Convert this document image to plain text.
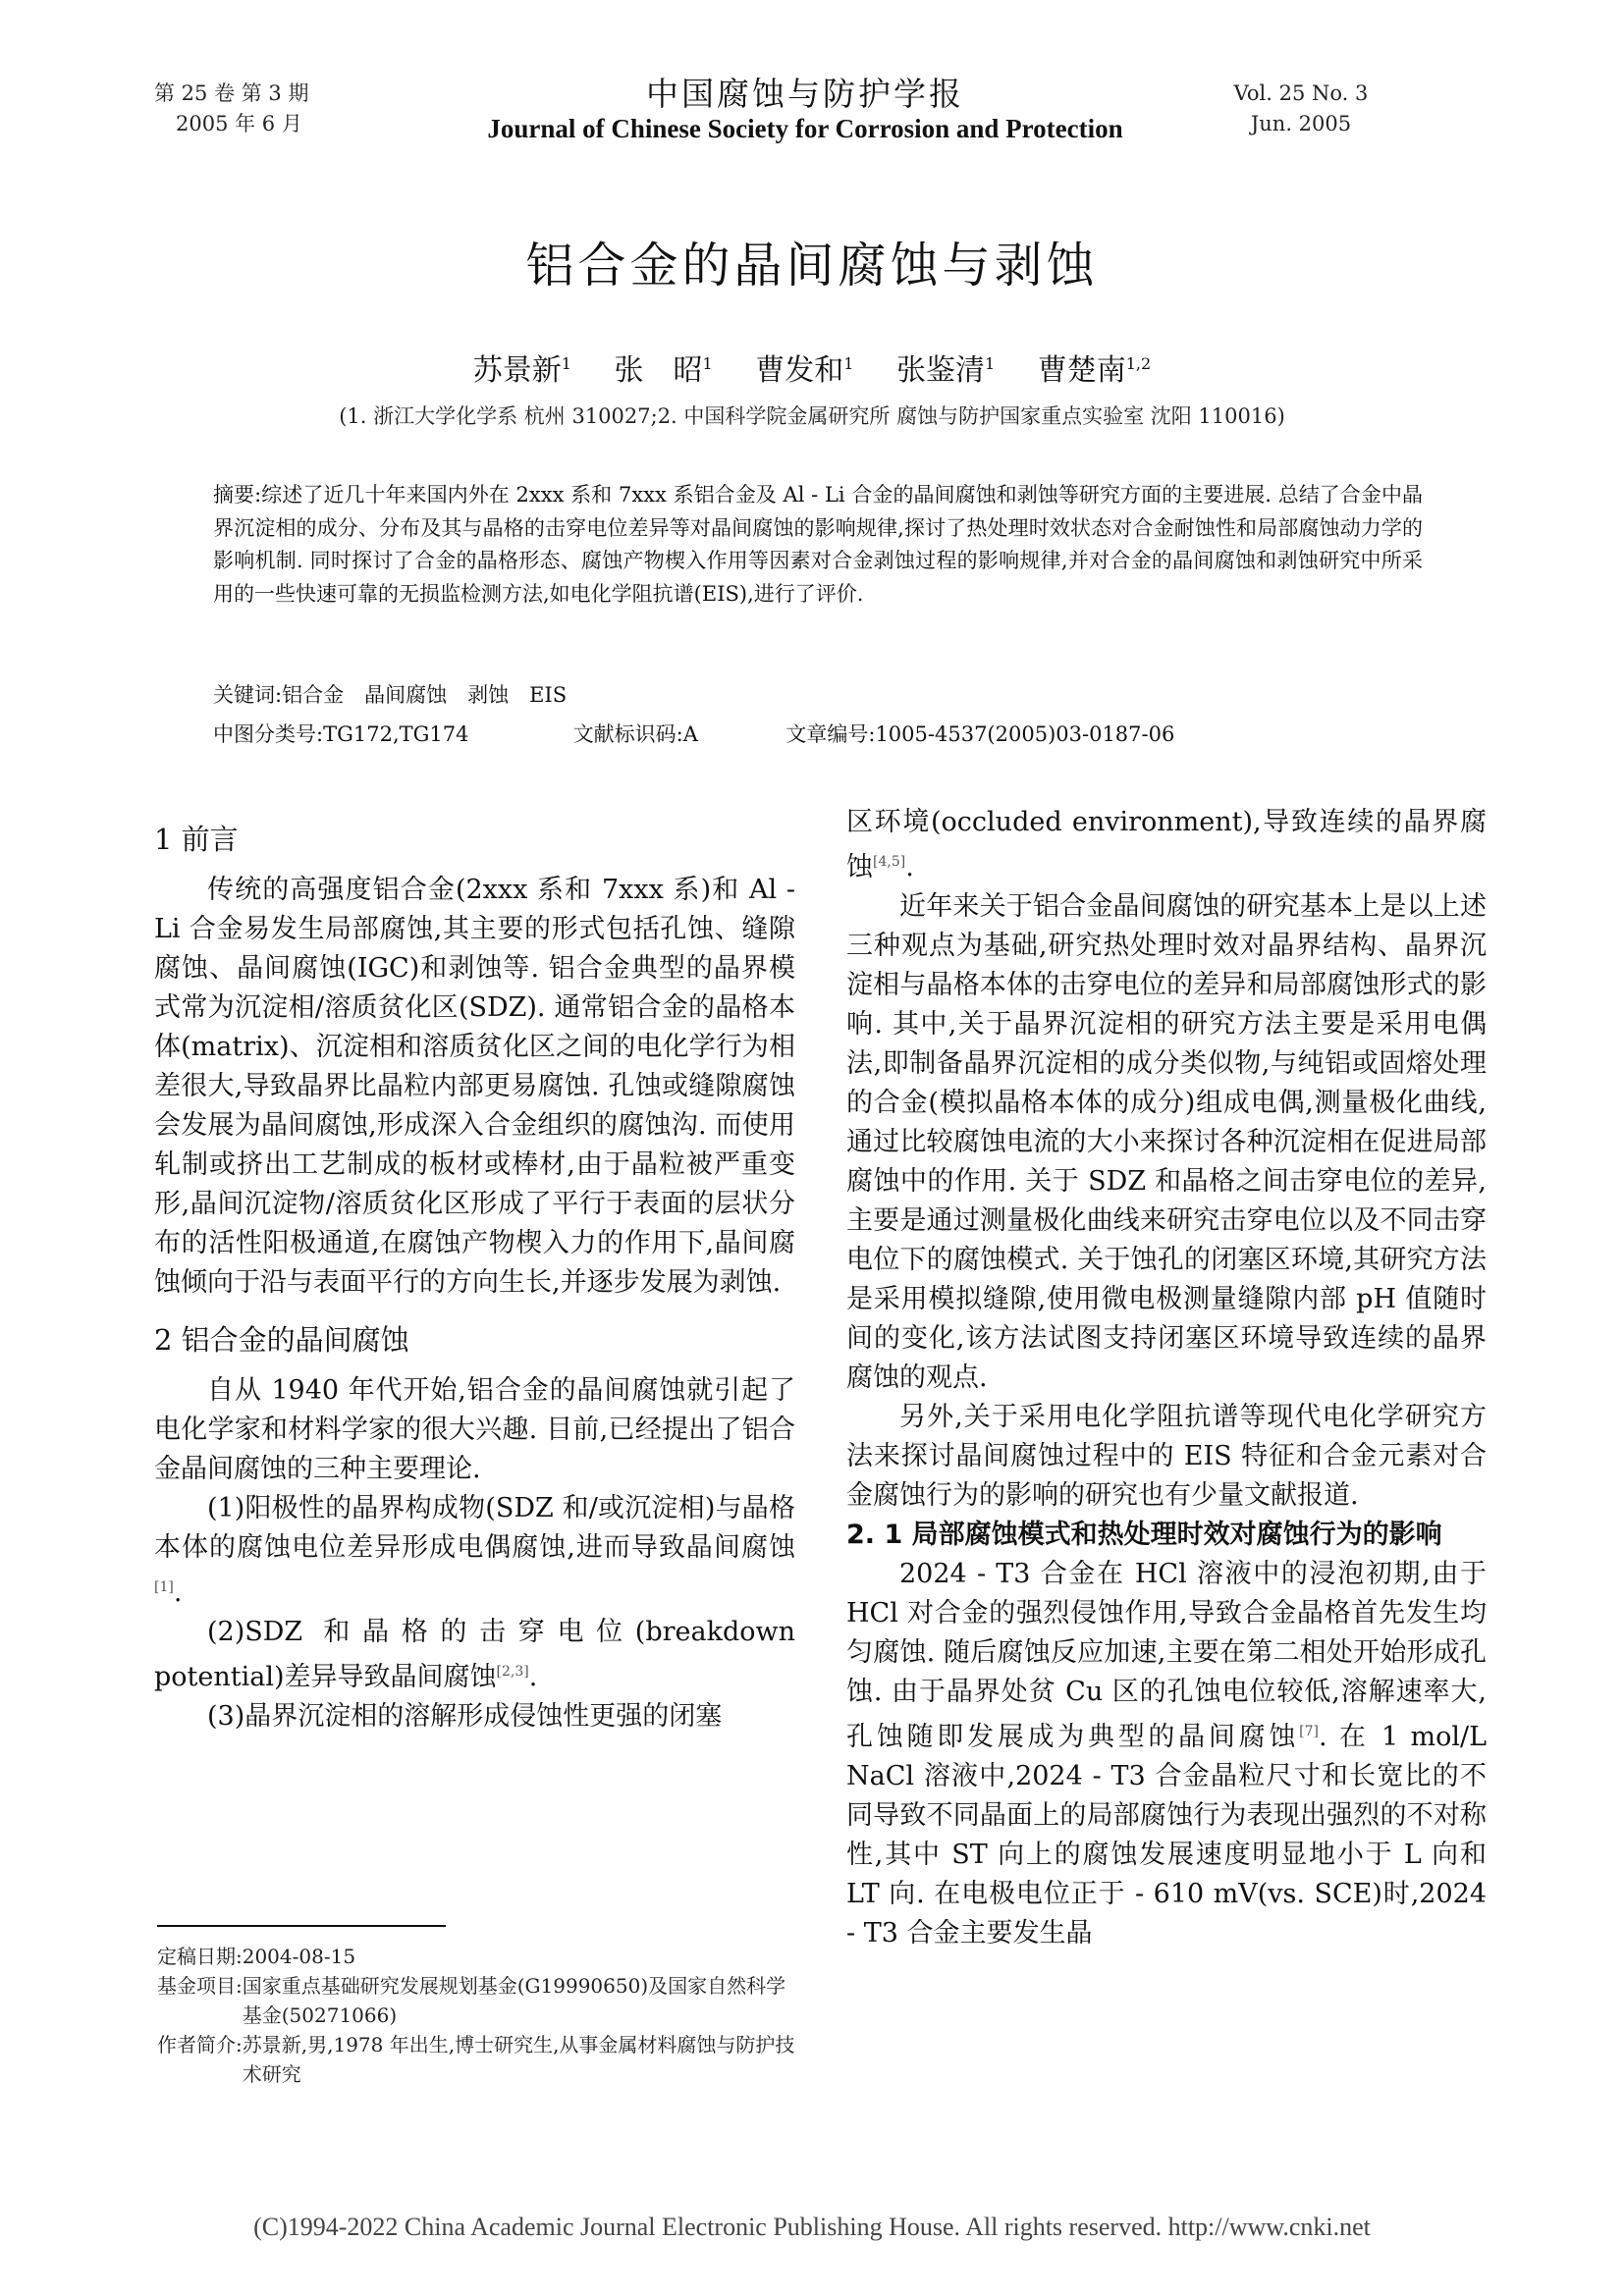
第 25 卷 第 3 期
2005 年 6 月
中国腐蚀与防护学报
Journal of Chinese Society for Corrosion and Protection
Vol. 25 No. 3
Jun. 2005
铝合金的晶间腐蚀与剥蚀
苏景新$^1$ 张　昭$^1$ 曹发和$^1$ 张鉴清$^1$ 曹楚南$^{1,2}$
(1. 浙江大学化学系 杭州 310027;2. 中国科学院金属研究所 腐蚀与防护国家重点实验室 沈阳 110016)
摘要:综述了近几十年来国内外在 2xxx 系和 7xxx 系铝合金及 Al - Li 合金的晶间腐蚀和剥蚀等研究方面的主要进展. 总结了合金中晶界沉淀相的成分、分布及其与晶格的击穿电位差异等对晶间腐蚀的影响规律,探讨了热处理时效状态对合金耐蚀性和局部腐蚀动力学的影响机制. 同时探讨了合金的晶格形态、腐蚀产物楔入作用等因素对合金剥蚀过程的影响规律,并对合金的晶间腐蚀和剥蚀研究中所采用的一些快速可靠的无损监检测方法,如电化学阻抗谱(EIS),进行了评价.
关键词:铝合金　晶间腐蚀　剥蚀　EIS
中图分类号:TG172,TG174	文献标识码:A	文章编号:1005-4537(2005)03-0187-06
1 前言

传统的高强度铝合金(2xxx 系和 7xxx 系)和 Al - Li 合金易发生局部腐蚀,其主要的形式包括孔蚀、缝隙腐蚀、晶间腐蚀(IGC)和剥蚀等. 铝合金典型的晶界模式常为沉淀相/溶质贫化区(SDZ). 通常铝合金的晶格本体(matrix)、沉淀相和溶质贫化区之间的电化学行为相差很大,导致晶界比晶粒内部更易腐蚀. 孔蚀或缝隙腐蚀会发展为晶间腐蚀,形成深入合金组织的腐蚀沟. 而使用轧制或挤出工艺制成的板材或棒材,由于晶粒被严重变形,晶间沉淀物/溶质贫化区形成了平行于表面的层状分布的活性阳极通道,在腐蚀产物楔入力的作用下,晶间腐蚀倾向于沿与表面平行的方向生长,并逐步发展为剥蚀.

2 铝合金的晶间腐蚀

自从 1940 年代开始,铝合金的晶间腐蚀就引起了电化学家和材料学家的很大兴趣. 目前,已经提出了铝合金晶间腐蚀的三种主要理论.

(1)阳极性的晶界构成物(SDZ 和/或沉淀相)与晶格本体的腐蚀电位差异形成电偶腐蚀,进而导致晶间腐蚀[1].

(2)SDZ 和晶格的击穿电位(breakdown potential)差异导致晶间腐蚀[2,3].

(3)晶界沉淀相的溶解形成侵蚀性更强的闭塞

定稿日期:2004-08-15
基金项目: 国家重点基础研究发展规划基金(G19990650)及国家自然科学基金(50271066)
作者简介: 苏景新,男,1978 年出生,博士研究生,从事金属材料腐蚀与防护技术研究

区环境(occluded environment),导致连续的晶界腐蚀[4,5].

近年来关于铝合金晶间腐蚀的研究基本上是以上述三种观点为基础,研究热处理时效对晶界结构、晶界沉淀相与晶格本体的击穿电位的差异和局部腐蚀形式的影响. 其中,关于晶界沉淀相的研究方法主要是采用电偶法,即制备晶界沉淀相的成分类似物,与纯铝或固熔处理的合金(模拟晶格本体的成分)组成电偶,测量极化曲线,通过比较腐蚀电流的大小来探讨各种沉淀相在促进局部腐蚀中的作用. 关于 SDZ 和晶格之间击穿电位的差异,主要是通过测量极化曲线来研究击穿电位以及不同击穿电位下的腐蚀模式. 关于蚀孔的闭塞区环境,其研究方法是采用模拟缝隙,使用微电极测量缝隙内部 pH 值随时间的变化,该方法试图支持闭塞区环境导致连续的晶界腐蚀的观点.

另外,关于采用电化学阻抗谱等现代电化学研究方法来探讨晶间腐蚀过程中的 EIS 特征和合金元素对合金腐蚀行为的影响的研究也有少量文献报道.

2. 1 局部腐蚀模式和热处理时效对腐蚀行为的影响

2024 - T3 合金在 HCl 溶液中的浸泡初期,由于 HCl 对合金的强烈侵蚀作用,导致合金晶格首先发生均匀腐蚀. 随后腐蚀反应加速,主要在第二相处开始形成孔蚀. 由于晶界处贫 Cu 区的孔蚀电位较低,溶解速率大,孔蚀随即发展成为典型的晶间腐蚀[7]. 在 1 mol/L NaCl 溶液中,2024 - T3 合金晶粒尺寸和长宽比的不同导致不同晶面上的局部腐蚀行为表现出强烈的不对称性,其中 ST 向上的腐蚀发展速度明显地小于 L 向和 LT 向. 在电极电位正于 - 610 mV(vs. SCE)时,2024 - T3 合金主要发生晶

(C)1994-2022 China Academic Journal Electronic Publishing House. All rights reserved. http://www.cnki.net
